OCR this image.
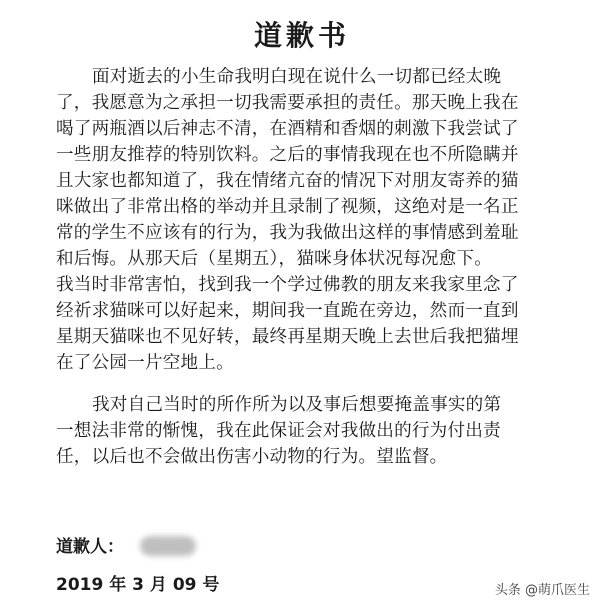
道歉书
面对逝去的小生命我明白现在说什么一切都已经太晚
了，我愿意为之承担一切我需要承担的责任。那天晚上我在
喝了两瓶酒以后神志不清，在酒精和香烟的刺激下我尝试了
一些朋友推荐的特别饮料。之后的事情我现在也不所隐瞒并
且大家也都知道了，我在情绪亢奋的情况下对朋友寄养的猫
咪做出了非常出格的举动并且录制了视频，这绝对是一名正
常的学生不应该有的行为，我为我做出这样的事情感到羞耻
和后悔。从那天后（星期五），猫咪身体状况每况愈下。
我当时非常害怕，找到我一个学过佛教的朋友来我家里念了
经祈求猫咪可以好起来，期间我一直跪在旁边，然而一直到
星期天猫咪也不见好转，最终再星期天晚上去世后我把猫埋
在了公园一片空地上。
我对自己当时的所作所为以及事后想要掩盖事实的第
一想法非常的惭愧，我在此保证会对我做出的行为付出责
任，以后也不会做出伤害小动物的行为。望监督。
道歉人：
2019 年 3 月 09 号	头条 @萌爪医生
